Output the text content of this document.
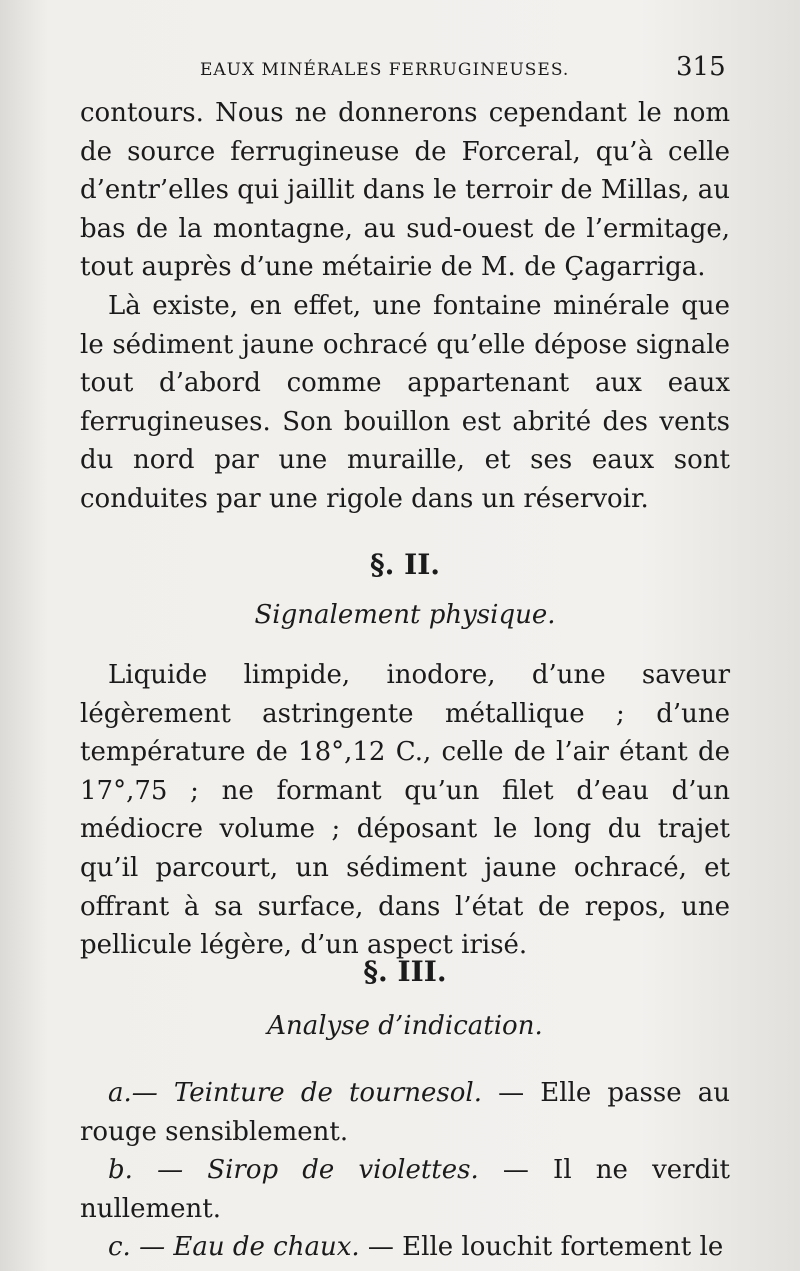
EAUX MINÉRALES FERRUGINEUSES.	315

contours. Nous ne donnerons cependant le nom de source ferrugineuse de Forceral, qu’à celle d’entr’elles qui jaillit dans le terroir de Millas, au bas de la montagne, au sud-ouest de l’ermitage, tout auprès d’une métairie de M. de Çagarriga.

Là existe, en effet, une fontaine minérale que le sédiment jaune ochracé qu’elle dépose signale tout d’abord comme appartenant aux eaux ferrugineuses. Son bouillon est abrité des vents du nord par une muraille, et ses eaux sont conduites par une rigole dans un réservoir.

§. II.
Signalement physique.

Liquide limpide, inodore, d’une saveur légèrement astringente métallique ; d’une température de 18°,12 C., celle de l’air étant de 17°,75 ; ne formant qu’un filet d’eau d’un médiocre volume ; déposant le long du trajet qu’il parcourt, un sédiment jaune ochracé, et offrant à sa surface, dans l’état de repos, une pellicule légère, d’un aspect irisé.

§. III.
Analyse d’indication.
a.— Teinture de tournesol. — Elle passe au rouge sensiblement.
b. — Sirop de violettes. — Il ne verdit nullement.
c. — Eau de chaux. — Elle louchit fortement le
